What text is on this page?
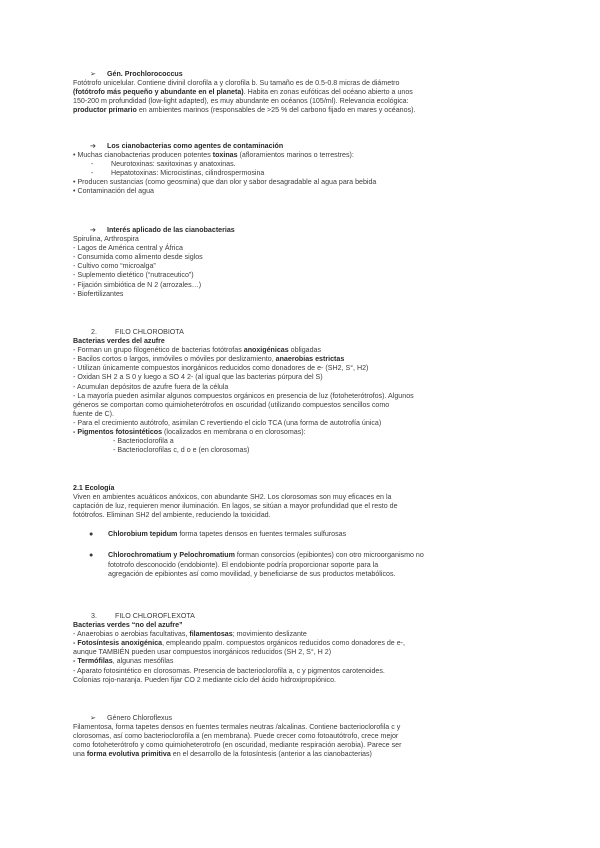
➢ Gén. Prochlorococcus
Fotótrofo unicelular. Contiene divinil clorofila a y clorofila b. Su tamaño es de 0.5-0.8 micras de diámetro
(fotótrofo más pequeño y abundante en el planeta). Habita en zonas eufóticas del océano abierto a unos
150-200 m profundidad (low-light adapted), es muy abundante en océanos (105/ml). Relevancia ecológica:
productor primario en ambientes marinos (responsables de >25 % del carbono fijado en mares y océanos).
➔ Los cianobacterias como agentes de contaminación
• Muchas cianobacterias producen potentes toxinas (afloramientos marinos o terrestres):
- Neurotoxinas: saxitoxinas y anatoxinas.
- Hepatotoxinas: Microcistinas, cilindrospermosina
• Producen sustancias (como geosmina) que dan olor y sabor desagradable al agua para bebida
• Contaminación del agua
➔ Interés aplicado de las cianobacterias
Spirulina, Arthrospira
- Lagos de América central y África
- Consumida como alimento desde siglos
- Cultivo como “microalga”
- Suplemento dietético (“nutraceutico”)
- Fijación simbiótica de N 2 (arrozales…)
- Biofertilizantes
2.	FILO CHLOROBIOTA
Bacterias verdes del azufre
- Forman un grupo filogenético de bacterias fotótrofas anoxigénicas obligadas
- Bacilos cortos o largos, inmóviles o móviles por deslizamiento, anaerobias estrictas
- Utilizan únicamente compuestos inorgánicos reducidos como donadores de e- (SH2, S°, H2)
- Oxidan SH 2 a S 0 y luego a SO 4 2- (al igual que las bacterias púrpura del S)
- Acumulan depósitos de azufre fuera de la célula
- La mayoría pueden asimilar algunos compuestos orgánicos en presencia de luz (fotoheterótrofos). Algunos
géneros se comportan como quimioheterótrofos en oscuridad (utilizando compuestos sencillos como
fuente de C).
- Para el crecimiento autótrofo, asimilan C revertiendo el ciclo TCA (una forma de autotrofía única)
- Pigmentos fotosintéticos (localizados en membrana o en clorosomas):
- Bacterioclorofila a
- Bacterioclorofilas c, d o e (en clorosomas)
2.1 Ecología
Viven en ambientes acuáticos anóxicos, con abundante SH2. Los clorosomas son muy eficaces en la
captación de luz, requieren menor iluminación. En lagos, se sitúan a mayor profundidad que el resto de
fotótrofos. Eliminan SH2 del ambiente, reduciendo la toxicidad.
● Chlorobium tepidum forma tapetes densos en fuentes termales sulfurosas
● Chlorochromatium y Pelochromatium forman consorcios (epibiontes) con otro microorganismo no
fototrofo desconocido (endobionte). El endobionte podría proporcionar soporte para la
agregación de epibiontes así como movilidad, y beneficiarse de sus productos metabólicos.
3.	FILO CHLOROFLEXOTA
Bacterias verdes “no del azufre”
- Anaerobias o aerobias facultativas, filamentosas; movimiento deslizante
- Fotosíntesis anoxigénica, empleando ppalm. compuestos orgánicos reducidos como donadores de e-,
aunque TAMBIÉN pueden usar compuestos inorgánicos reducidos (SH 2, S°, H 2)
- Termófilas, algunas mesófilas
- Aparato fotosintético en clorosomas. Presencia de bacterioclorofila a, c y pigmentos carotenoides.
Colonias rojo-naranja. Pueden fijar CO 2 mediante ciclo del ácido hidroxipropiónico.
➢ Género Chloroflexus
Filamentosa, forma tapetes densos en fuentes termales neutras /alcalinas. Contiene bacterioclorofila c y
clorosomas, así como bacterioclorofila a (en membrana). Puede crecer como fotoautótrofo, crece mejor
como fotoheterótrofo y como quimioheterotrofo (en oscuridad, mediante respiración aerobia). Parece ser
una forma evolutiva primitiva en el desarrollo de la fotosíntesis (anterior a las cianobacterias)
